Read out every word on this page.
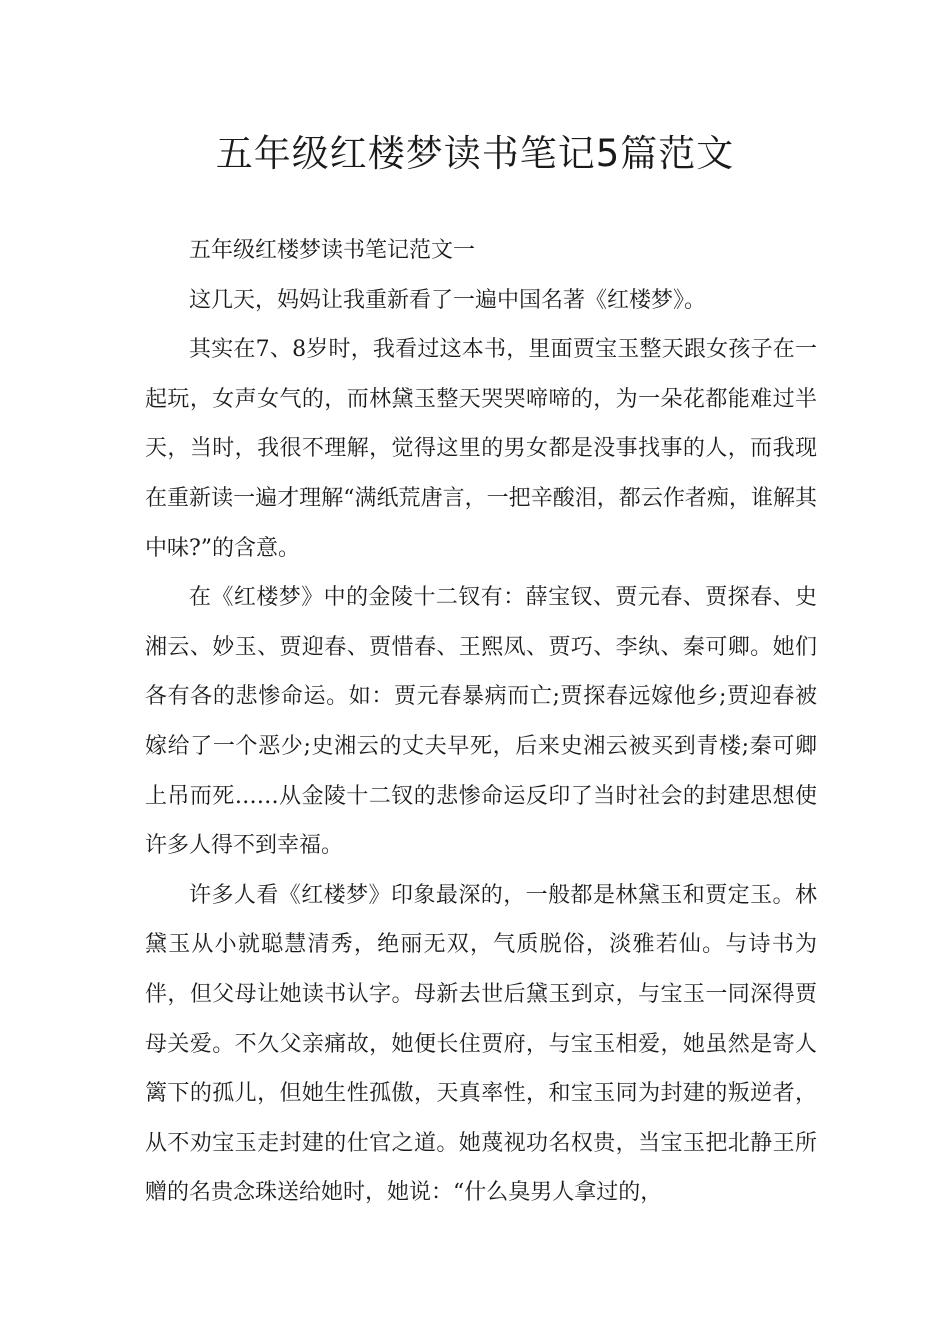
五年级红楼梦读书笔记5篇范文

五年级红楼梦读书笔记范文一

这几天，妈妈让我重新看了一遍中国名著《红楼梦》。

其实在7、8岁时，我看过这本书，里面贾宝玉整天跟女孩子在一起玩，女声女气的，而林黛玉整天哭哭啼啼的，为一朵花都能难过半天，当时，我很不理解，觉得这里的男女都是没事找事的人，而我现在重新读一遍才理解“满纸荒唐言，一把辛酸泪，都云作者痴，谁解其中味?”的含意。

在《红楼梦》中的金陵十二钗有：薛宝钗、贾元春、贾探春、史湘云、妙玉、贾迎春、贾惜春、王熙凤、贾巧、李纨、秦可卿。她们各有各的悲惨命运。如：贾元春暴病而亡;贾探春远嫁他乡;贾迎春被嫁给了一个恶少;史湘云的丈夫早死，后来史湘云被买到青楼;秦可卿上吊而死……从金陵十二钗的悲惨命运反印了当时社会的封建思想使许多人得不到幸福。

许多人看《红楼梦》印象最深的，一般都是林黛玉和贾定玉。林黛玉从小就聪慧清秀，绝丽无双，气质脱俗，淡雅若仙。与诗书为伴，但父母让她读书认字。母新去世后黛玉到京，与宝玉一同深得贾母关爱。不久父亲痛故，她便长住贾府，与宝玉相爱，她虽然是寄人篱下的孤儿，但她生性孤傲，天真率性，和宝玉同为封建的叛逆者，从不劝宝玉走封建的仕官之道。她蔑视功名权贵，当宝玉把北静王所赠的名贵念珠送给她时，她说：“什么臭男人拿过的，
